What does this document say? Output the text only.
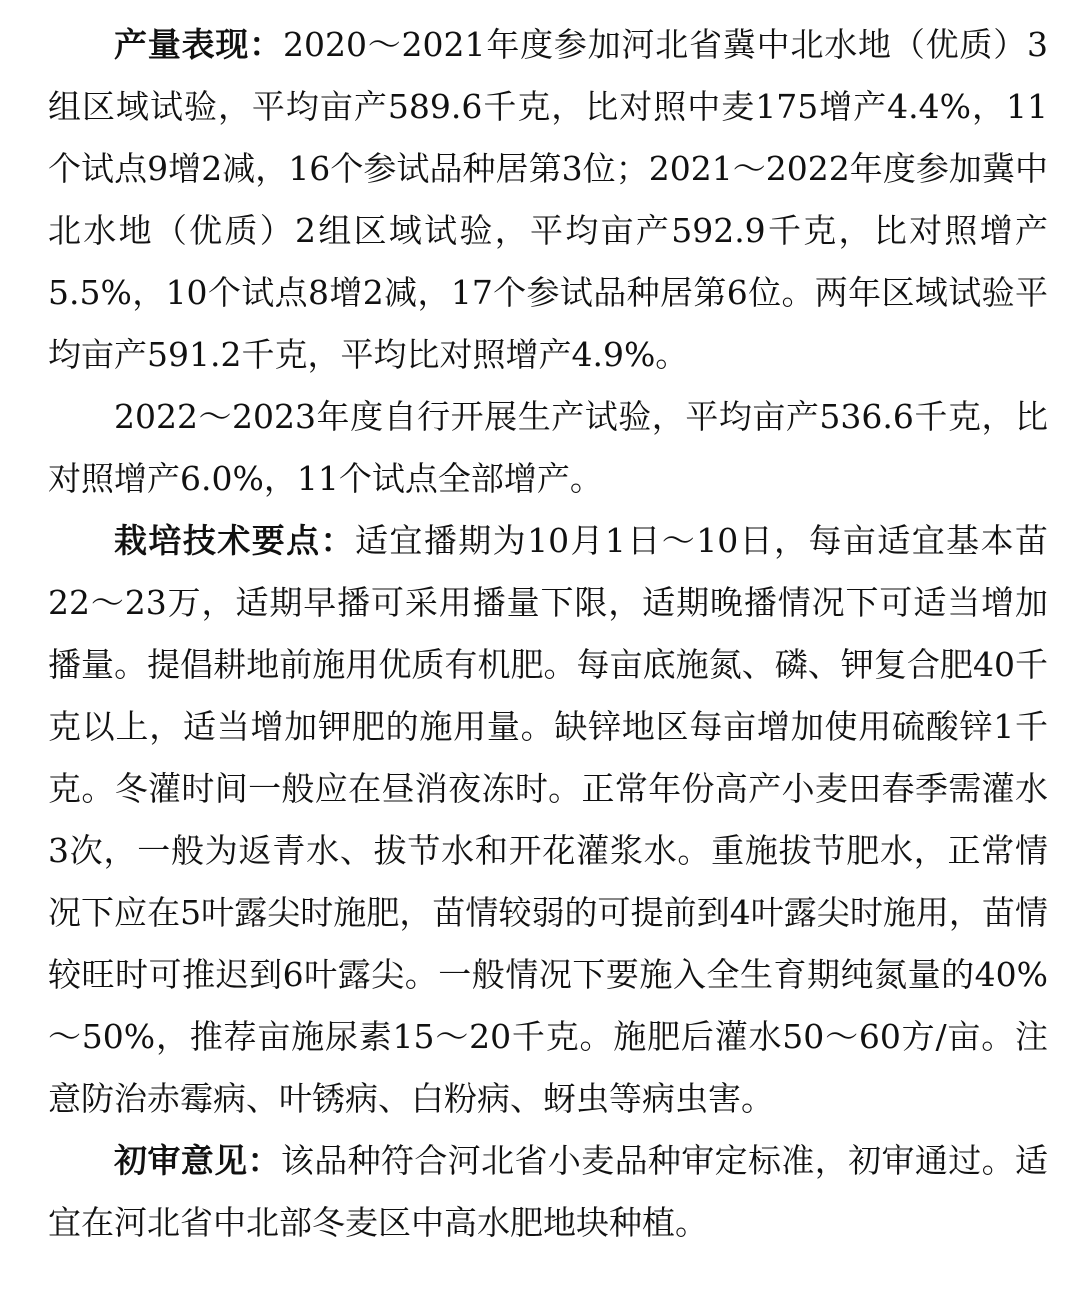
产量表现：2020～2021年度参加河北省冀中北水地（优质）3组区域试验，平均亩产589.6千克，比对照中麦175增产4.4%，11个试点9增2减，16个参试品种居第3位；2021～2022年度参加冀中北水地（优质）2组区域试验，平均亩产592.9千克，比对照增产5.5%，10个试点8增2减，17个参试品种居第6位。两年区域试验平均亩产591.2千克，平均比对照增产4.9%。

2022～2023年度自行开展生产试验，平均亩产536.6千克，比对照增产6.0%，11个试点全部增产。

栽培技术要点：适宜播期为10月1日～10日，每亩适宜基本苗22～23万，适期早播可采用播量下限，适期晚播情况下可适当增加播量。提倡耕地前施用优质有机肥。每亩底施氮、磷、钾复合肥40千克以上，适当增加钾肥的施用量。缺锌地区每亩增加使用硫酸锌1千克。冬灌时间一般应在昼消夜冻时。正常年份高产小麦田春季需灌水3次，一般为返青水、拔节水和开花灌浆水。重施拔节肥水，正常情况下应在5叶露尖时施肥，苗情较弱的可提前到4叶露尖时施用，苗情较旺时可推迟到6叶露尖。一般情况下要施入全生育期纯氮量的40%～50%，推荐亩施尿素15～20千克。施肥后灌水50～60方/亩。注意防治赤霉病、叶锈病、白粉病、蚜虫等病虫害。

初审意见：该品种符合河北省小麦品种审定标准，初审通过。适宜在河北省中北部冬麦区中高水肥地块种植。
